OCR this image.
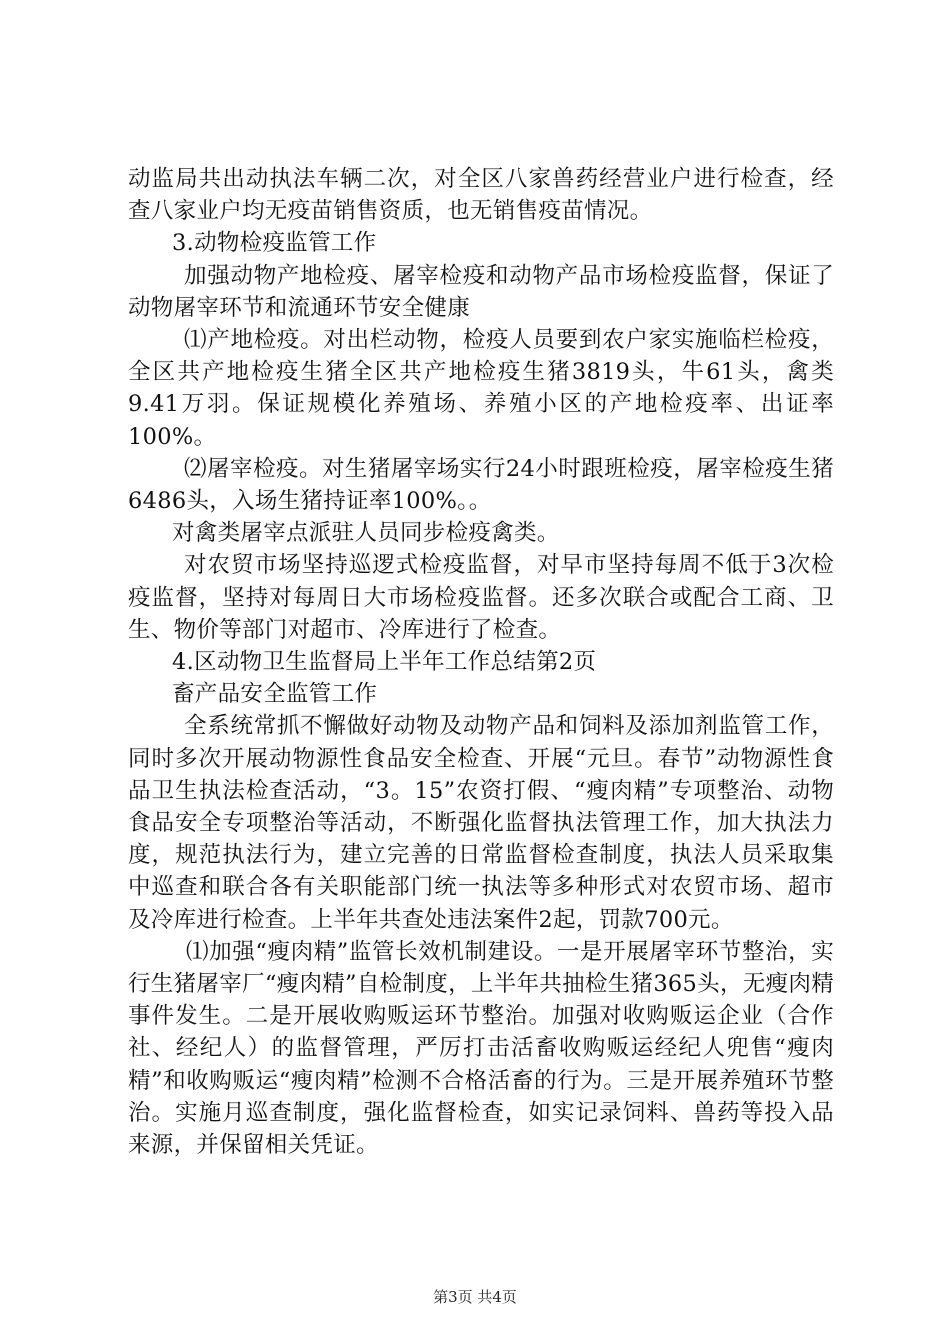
动监局共出动执法车辆二次，对全区八家兽药经营业户进行检查，经查八家业户均无疫苗销售资质，也无销售疫苗情况。

3.动物检疫监管工作

加强动物产地检疫、屠宰检疫和动物产品市场检疫监督，保证了动物屠宰环节和流通环节安全健康

⑴产地检疫。对出栏动物，检疫人员要到农户家实施临栏检疫，全区共产地检疫生猪全区共产地检疫生猪3819头，牛61头，禽类9.41万羽。保证规模化养殖场、养殖小区的产地检疫率、出证率100%。

⑵屠宰检疫。对生猪屠宰场实行24小时跟班检疫，屠宰检疫生猪6486头，入场生猪持证率100%。。

对禽类屠宰点派驻人员同步检疫禽类。

对农贸市场坚持巡逻式检疫监督，对早市坚持每周不低于3次检疫监督，坚持对每周日大市场检疫监督。还多次联合或配合工商、卫生、物价等部门对超市、冷库进行了检查。

4.区动物卫生监督局上半年工作总结第2页

畜产品安全监管工作

全系统常抓不懈做好动物及动物产品和饲料及添加剂监管工作，同时多次开展动物源性食品安全检查、开展“元旦。春节”动物源性食品卫生执法检查活动，“3。15”农资打假、“瘦肉精”专项整治、动物食品安全专项整治等活动，不断强化监督执法管理工作，加大执法力度，规范执法行为，建立完善的日常监督检查制度，执法人员采取集中巡查和联合各有关职能部门统一执法等多种形式对农贸市场、超市及冷库进行检查。上半年共查处违法案件2起，罚款700元。

⑴加强“瘦肉精”监管长效机制建设。一是开展屠宰环节整治，实行生猪屠宰厂“瘦肉精”自检制度，上半年共抽检生猪365头，无瘦肉精事件发生。二是开展收购贩运环节整治。加强对收购贩运企业（合作社、经纪人）的监督管理，严厉打击活畜收购贩运经纪人兜售“瘦肉精”和收购贩运“瘦肉精”检测不合格活畜的行为。三是开展养殖环节整治。实施月巡查制度，强化监督检查，如实记录饲料、兽药等投入品来源，并保留相关凭证。

第3页 共4页
